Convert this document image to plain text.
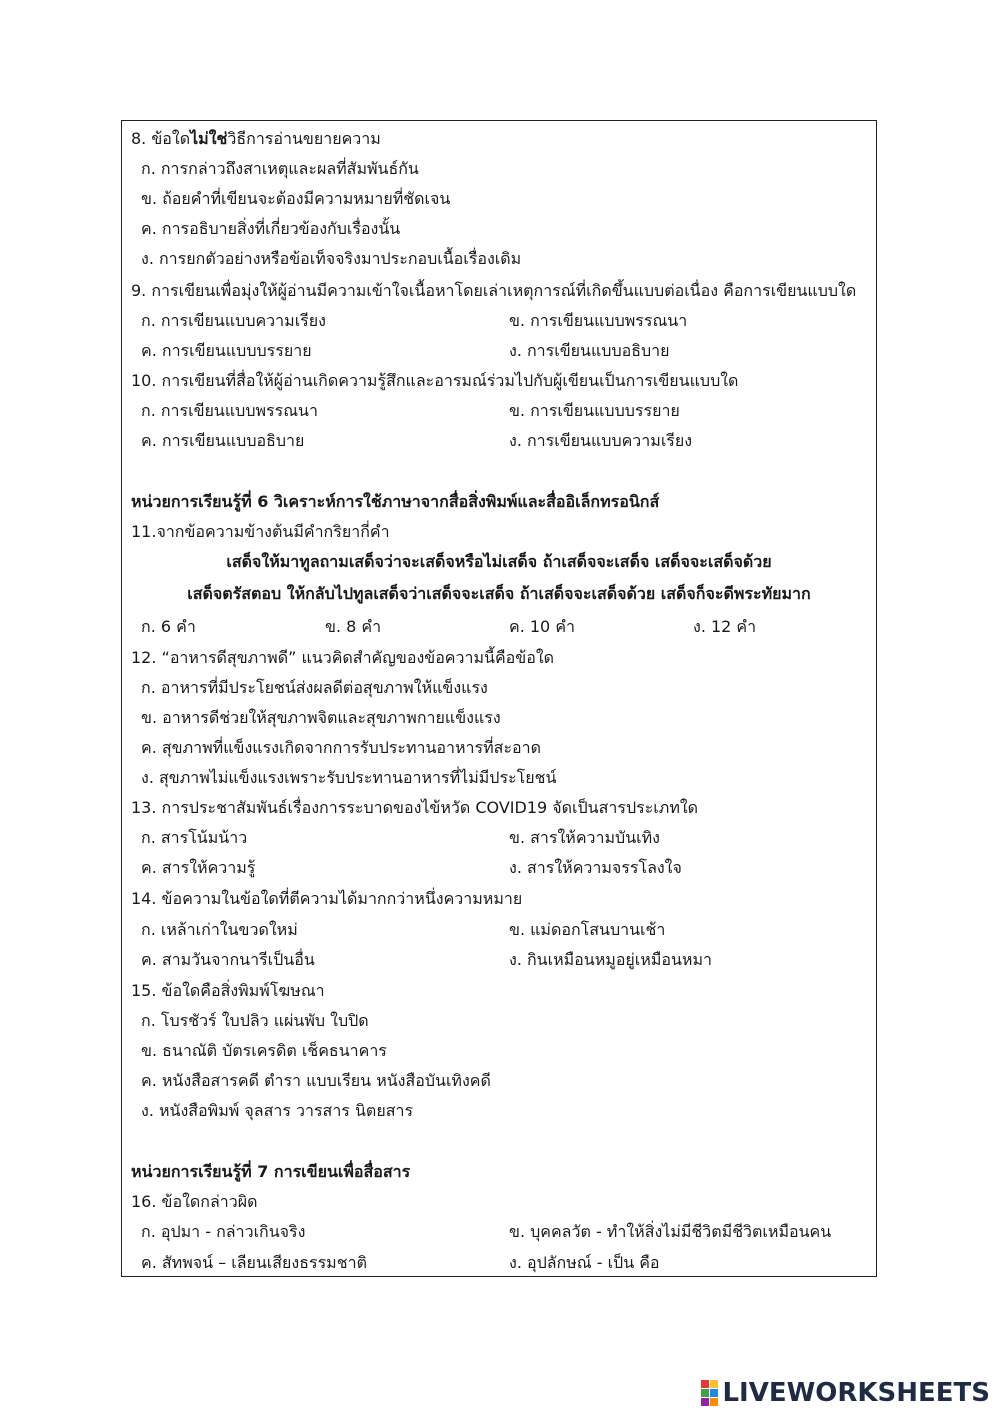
8. ข้อใดไม่ใช่วิธีการอ่านขยายความ
ก. การกล่าวถึงสาเหตุและผลที่สัมพันธ์กัน
ข. ถ้อยคำที่เขียนจะต้องมีความหมายที่ชัดเจน
ค. การอธิบายสิ่งที่เกี่ยวข้องกับเรื่องนั้น
ง. การยกตัวอย่างหรือข้อเท็จจริงมาประกอบเนื้อเรื่องเดิม
9. การเขียนเพื่อมุ่งให้ผู้อ่านมีความเข้าใจเนื้อหาโดยเล่าเหตุการณ์ที่เกิดขึ้นแบบต่อเนื่อง คือการเขียนแบบใด
ก. การเขียนแบบความเรียง	ข. การเขียนแบบพรรณนา
ค. การเขียนแบบบรรยาย	ง. การเขียนแบบอธิบาย
10. การเขียนที่สื่อให้ผู้อ่านเกิดความรู้สึกและอารมณ์ร่วมไปกับผู้เขียนเป็นการเขียนแบบใด
ก. การเขียนแบบพรรณนา	ข. การเขียนแบบบรรยาย
ค. การเขียนแบบอธิบาย	ง. การเขียนแบบความเรียง
หน่วยการเรียนรู้ที่ 6 วิเคราะห์การใช้ภาษาจากสื่อสิ่งพิมพ์และสื่ออิเล็กทรอนิกส์
11.จากข้อความข้างต้นมีคำกริยากี่คำ
เสด็จให้มาทูลถามเสด็จว่าจะเสด็จหรือไม่เสด็จ ถ้าเสด็จจะเสด็จ เสด็จจะเสด็จด้วย
เสด็จตรัสตอบ ให้กลับไปทูลเสด็จว่าเสด็จจะเสด็จ ถ้าเสด็จจะเสด็จด้วย เสด็จก็จะดีพระทัยมาก
ก. 6 คำ	ข. 8 คำ	ค. 10 คำ	ง. 12 คำ
12. “อาหารดีสุขภาพดี” แนวคิดสำคัญของข้อความนี้คือข้อใด
ก. อาหารที่มีประโยชน์ส่งผลดีต่อสุขภาพให้แข็งแรง
ข. อาหารดีช่วยให้สุขภาพจิตและสุขภาพกายแข็งแรง
ค. สุขภาพที่แข็งแรงเกิดจากการรับประทานอาหารที่สะอาด
ง. สุขภาพไม่แข็งแรงเพราะรับประทานอาหารที่ไม่มีประโยชน์
13. การประชาสัมพันธ์เรื่องการระบาดของไข้หวัด COVID19 จัดเป็นสารประเภทใด
ก. สารโน้มน้าว	ข. สารให้ความบันเทิง
ค. สารให้ความรู้	ง. สารให้ความจรรโลงใจ
14. ข้อความในข้อใดที่ตีความได้มากกว่าหนึ่งความหมาย
ก. เหล้าเก่าในขวดใหม่	ข. แม่ดอกโสนบานเช้า
ค. สามวันจากนารีเป็นอื่น	ง. กินเหมือนหมูอยู่เหมือนหมา
15. ข้อใดคือสิ่งพิมพ์โฆษณา
ก. โบรชัวร์ ใบปลิว แผ่นพับ ใบปิด
ข. ธนาณัติ บัตรเครดิต เช็คธนาคาร
ค. หนังสือสารคดี ตำรา แบบเรียน หนังสือบันเทิงคดี
ง. หนังสือพิมพ์ จุลสาร วารสาร นิตยสาร
หน่วยการเรียนรู้ที่ 7 การเขียนเพื่อสื่อสาร
16. ข้อใดกล่าวผิด
ก. อุปมา - กล่าวเกินจริง	ข. บุคคลวัต - ทำให้สิ่งไม่มีชีวิตมีชีวิตเหมือนคน
ค. สัทพจน์ – เลียนเสียงธรรมชาติ	ง. อุปลักษณ์ - เป็น คือ
LIVEWORKSHEETS
